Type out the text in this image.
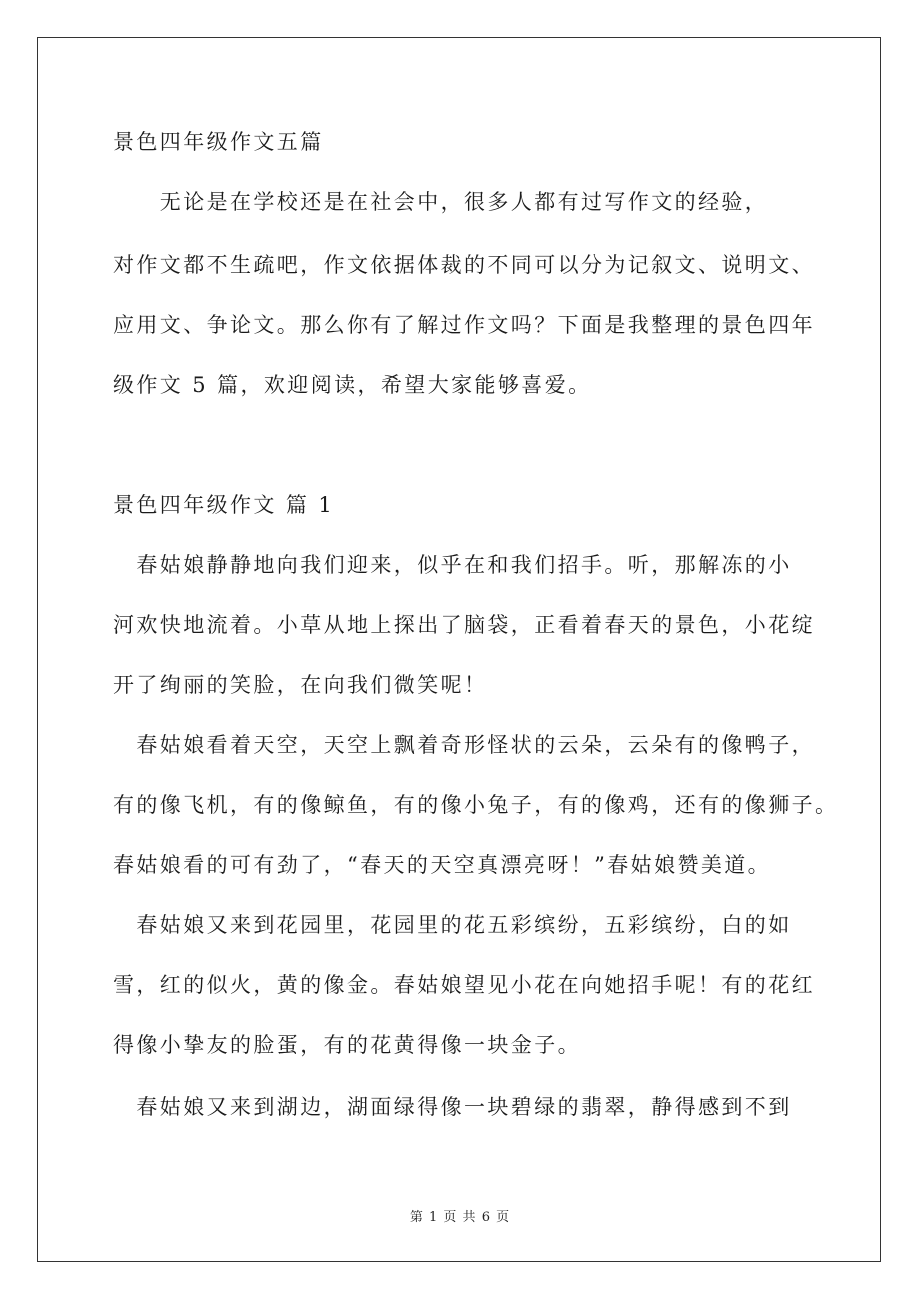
景色四年级作文五篇
　　无论是在学校还是在社会中，很多人都有过写作文的经验，
对作文都不生疏吧，作文依据体裁的不同可以分为记叙文、说明文、
应用文、争论文。那么你有了解过作文吗？下面是我整理的景色四年
级作文 5 篇，欢迎阅读，希望大家能够喜爱。
景色四年级作文 篇 1
　春姑娘静静地向我们迎来，似乎在和我们招手。听，那解冻的小
河欢快地流着。小草从地上探出了脑袋，正看着春天的景色，小花绽
开了绚丽的笑脸，在向我们微笑呢！
　春姑娘看着天空，天空上飘着奇形怪状的云朵，云朵有的像鸭子，
有的像飞机，有的像鲸鱼，有的像小兔子，有的像鸡，还有的像狮子。
春姑娘看的可有劲了，“春天的天空真漂亮呀！”春姑娘赞美道。
　春姑娘又来到花园里，花园里的花五彩缤纷，五彩缤纷，白的如
雪，红的似火，黄的像金。春姑娘望见小花在向她招手呢！有的花红
得像小挚友的脸蛋，有的花黄得像一块金子。
　春姑娘又来到湖边，湖面绿得像一块碧绿的翡翠，静得感到不到
第 1 页 共 6 页
